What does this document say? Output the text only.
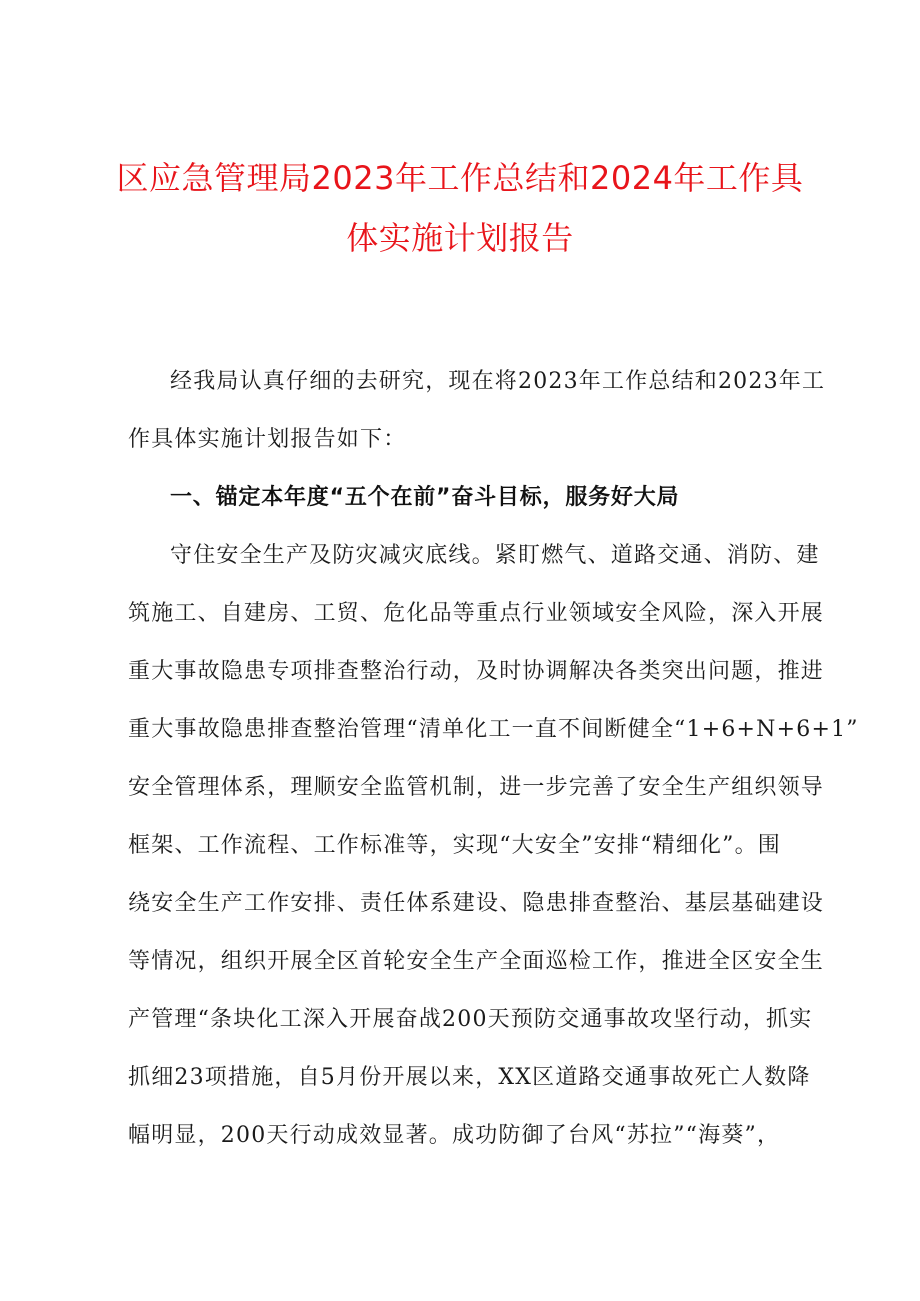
区应急管理局2023年工作总结和2024年工作具
体实施计划报告
经我局认真仔细的去研究，现在将2023年工作总结和2023年工
作具体实施计划报告如下：
一、锚定本年度“五个在前”奋斗目标，服务好大局
守住安全生产及防灾减灾底线。紧盯燃气、道路交通、消防、建
筑施工、自建房、工贸、危化品等重点行业领域安全风险，深入开展
重大事故隐患专项排查整治行动，及时协调解决各类突出问题，推进
重大事故隐患排查整治管理“清单化工一直不间断健全“1+6+N+6+1”
安全管理体系，理顺安全监管机制，进一步完善了安全生产组织领导
框架、工作流程、工作标准等，实现“大安全”安排“精细化”。围
绕安全生产工作安排、责任体系建设、隐患排查整治、基层基础建设
等情况，组织开展全区首轮安全生产全面巡检工作，推进全区安全生
产管理“条块化工深入开展奋战200天预防交通事故攻坚行动，抓实
抓细23项措施，自5月份开展以来，XX区道路交通事故死亡人数降
幅明显，200天行动成效显著。成功防御了台风“苏拉”“海葵”，
